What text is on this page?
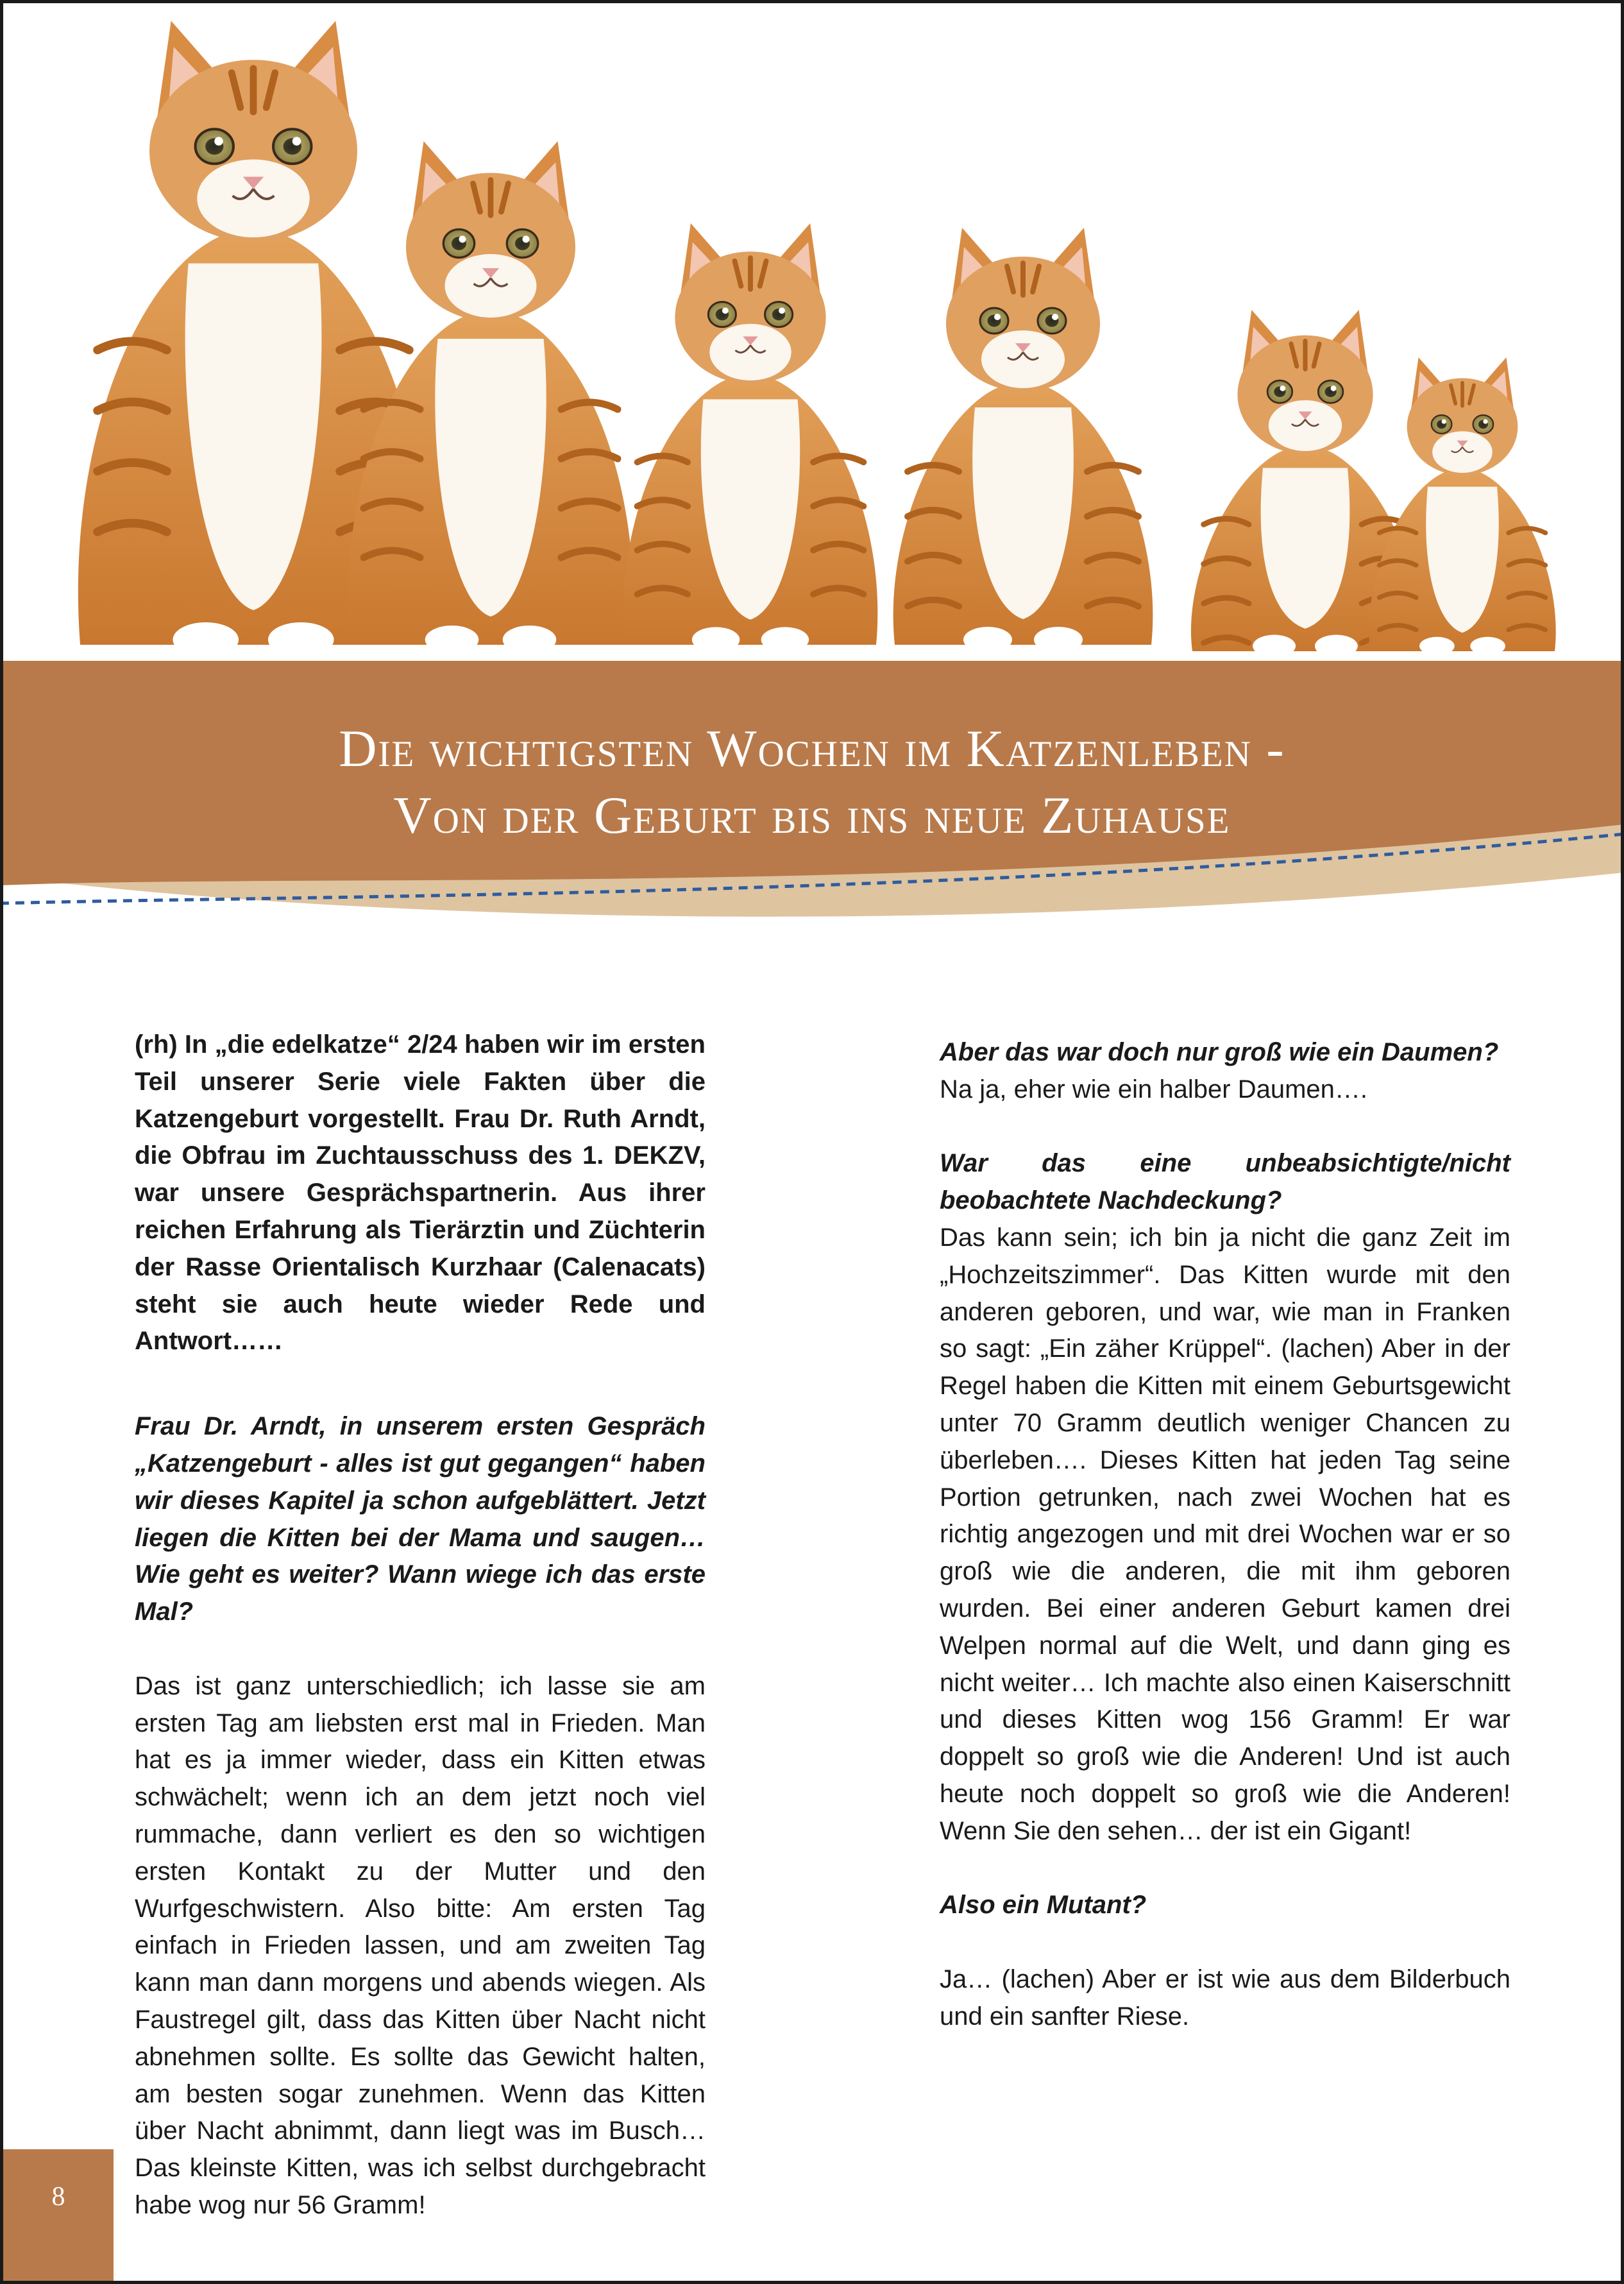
Die wichtigsten Wochen im Katzenleben -
Von der Geburt bis ins neue Zuhause

(rh) In „die edelkatze“ 2/24 haben wir im ersten Teil unserer Serie viele Fakten über die Katzengeburt vorgestellt. Frau Dr. Ruth Arndt, die Obfrau im Zuchtausschuss des 1. DEKZV, war unsere Gesprächspartnerin. Aus ihrer reichen Erfahrung als Tierärztin und Züchterin der Rasse Orientalisch Kurzhaar (Calenacats) steht sie auch heute wieder Rede und Antwort……

Frau Dr. Arndt, in unserem ersten Gespräch „Katzengeburt - alles ist gut gegangen“ haben wir dieses Kapitel ja schon aufgeblättert. Jetzt liegen die Kitten bei der Mama und saugen… Wie geht es weiter? Wann wiege ich das erste Mal?

Das ist ganz unterschiedlich; ich lasse sie am ersten Tag am liebsten erst mal in Frieden. Man hat es ja immer wieder, dass ein Kitten etwas schwächelt; wenn ich an dem jetzt noch viel rummache, dann verliert es den so wichtigen ersten Kontakt zu der Mutter und den Wurfgeschwistern. Also bitte: Am ersten Tag einfach in Frieden lassen, und am zweiten Tag kann man dann morgens und abends wiegen. Als Faustregel gilt, dass das Kitten über Nacht nicht abnehmen sollte. Es sollte das Gewicht halten, am besten sogar zunehmen. Wenn das Kitten über Nacht abnimmt, dann liegt was im Busch… Das kleinste Kitten, was ich selbst durchgebracht habe wog nur 56 Gramm!

Aber das war doch nur groß wie ein Daumen?

Na ja, eher wie ein halber Daumen….

War das eine unbeabsichtigte/nicht beobachtete Nachdeckung?

Das kann sein; ich bin ja nicht die ganz Zeit im „Hochzeitszimmer“. Das Kitten wurde mit den anderen geboren, und war, wie man in Franken so sagt: „Ein zäher Krüppel“. (lachen) Aber in der Regel haben die Kitten mit einem Geburtsgewicht unter 70 Gramm deutlich weniger Chancen zu überleben…. Dieses Kitten hat jeden Tag seine Portion getrunken, nach zwei Wochen hat es richtig angezogen und mit drei Wochen war er so groß wie die anderen, die mit ihm geboren wurden. Bei einer anderen Geburt kamen drei Welpen normal auf die Welt, und dann ging es nicht weiter… Ich machte also einen Kaiserschnitt und dieses Kitten wog 156 Gramm! Er war doppelt so groß wie die Anderen! Und ist auch heute noch doppelt so groß wie die Anderen! Wenn Sie den sehen… der ist ein Gigant!

Also ein Mutant?

Ja… (lachen) Aber er ist wie aus dem Bilderbuch und ein sanfter Riese.

8
